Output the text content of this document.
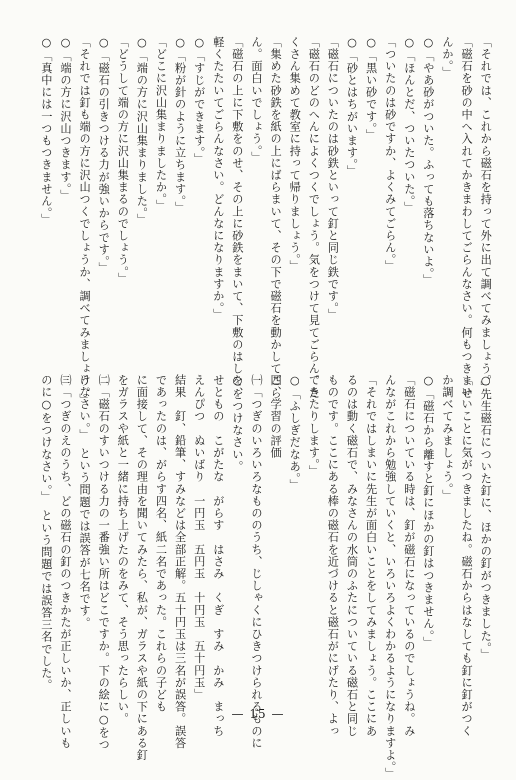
「それでは、これから磁石を持って外に出て調べてみましょう。」
「磁石を砂の中へ入れてかきまわしてごらんなさい。何もつきませ
んか。」
○「やあ砂がついた。ふっても落ちないよ。」
○「ほんとだ、ついたついた。」
「ついたのは砂ですか、よくみてごらん。」
○「黒い砂です。」
○「砂とはちがいます。」
「磁石についたのは砂鉄といって釘と同じ鉄です。」
「磁石のどのへんによくつくでしょう。気をつけて見てごらん。た
くさん集めて教室に持って帰りましょう。」
「集めた砂鉄を紙の上にばらまいて、その下で磁石を動かしてごら
ん。面白いでしょう。」
「磁石の上に下敷をのせ、その上に砂鉄をまいて、下敷のはしを、
軽くたたいてごらんなさい。どんなになりますか。」
○「すじができます。」
○「粉が針のように立ちます。」
「どこに沢山集まりましたか。」
○「端の方に沢山集まりました。」
「どうして端の方に沢山集まるのでしょう。」
○「磁石の引きつける力が強いからです。」
「それでは釘も端の方に沢山つくでしょうか、調べてみましょう。」
○「端の方に沢山つきます。」
○「真中には一つもつきません。」
○先生磁石についた釘に、ほかの釘がつきました。」
「いいことに気がつきましたね。磁石からはなしても釘に釘がつく
か調べてみましょう。」
○「磁石から離すと釘にほかの釘はつきません。」
「磁石についている時は、釘が磁石になっているのでしょうね。み
んながこれから勉強していくと、いろいろよくわかるようになりますよ。」
「それではしまいに先生が面白いことをしてみましょう。ここにあ
るのは動く磁石で、みなさんの水筒のふたについている磁石と同じ
ものです。ここにある棒の磁石を近づけると磁石がにげたり、よっ
てきたりします。」
○「ふしぎだなあ。」
四、学習の評価
㈠「つぎのいろいろなもののうち、じしゃくにひきつけられるものに
○をつけなさい。
せともの　こがたな　がらす　はさみ　くぎ　すみ　かみ　まっち
えんぴつ　ぬいばり　一円玉　五円玉　十円玉　五十円玉」
結果　釘、鉛筆、すみなどは全部正解。五十円玉は三名が誤答。誤答
であったのは、がらす四名、紙二名であった。これらの子ども
に面接して、その理由を聞いてみたら、私が、ガラスや紙の下にある釘
をガラスや紙と一緒に持ち上げたのをみて、そう思ったらしい。
㈡「磁石のすいつける力の一番強い所はどこですか。下の絵に○をつ
けなさい。」　という問題では誤答が七名です。
㈢「つぎのえのうち、どの磁石の釘のつきかたが正しいか、正しいも
のに○をつけなさい。」　という問題では誤答三名でした。
— 15 —
